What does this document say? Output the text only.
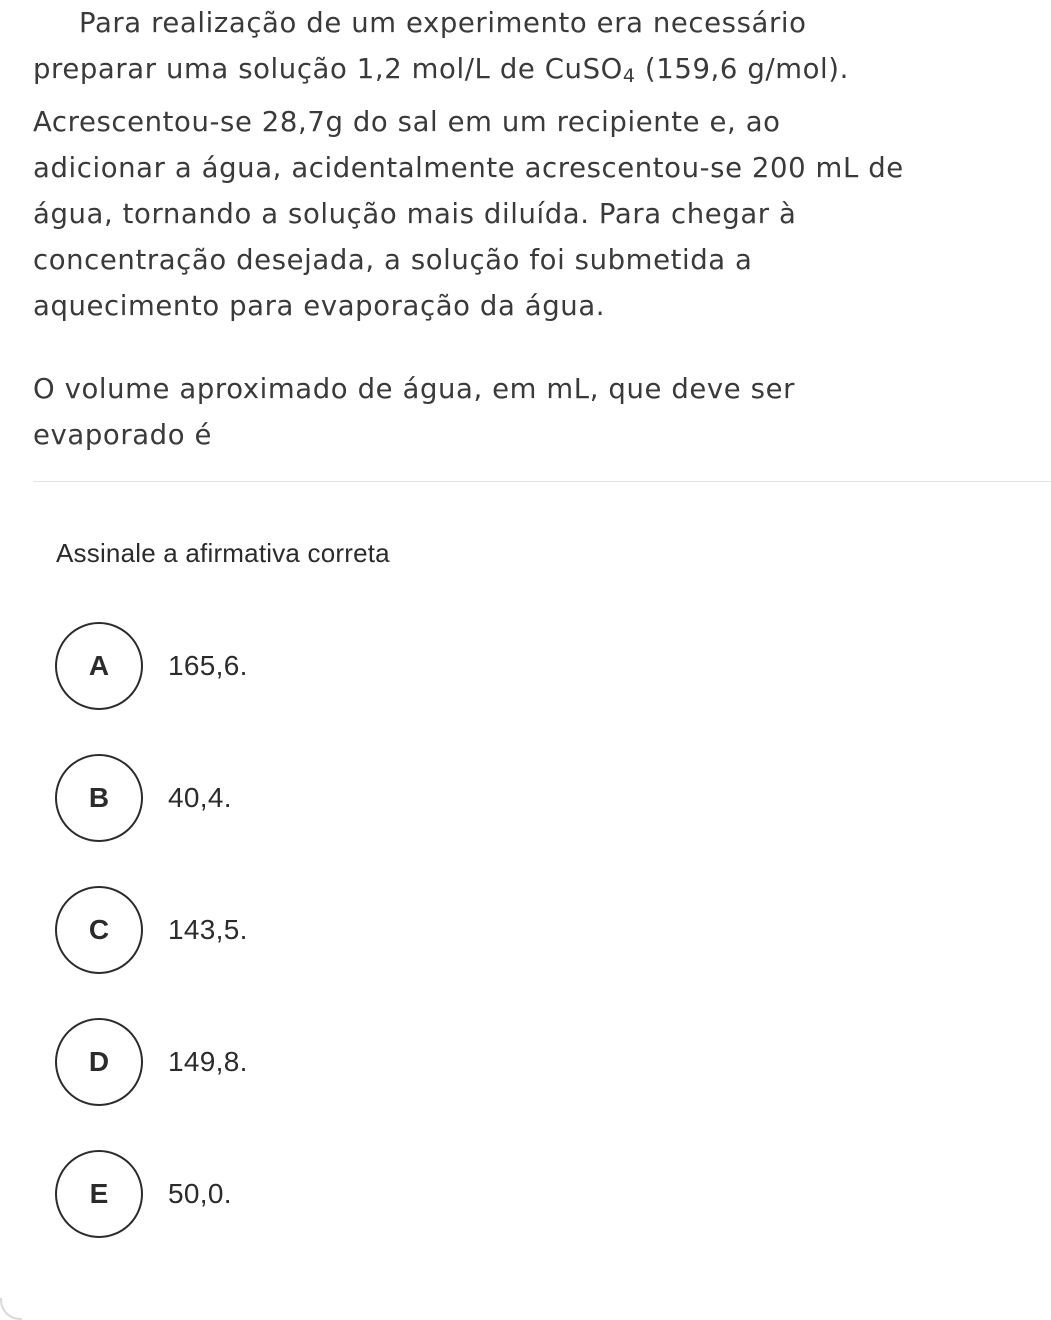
Para realização de um experimento era necessário
preparar uma solução 1,2 mol/L de CuSO$_4$ (159,6 g/mol).
Acrescentou-se 28,7g do sal em um recipiente e, ao
adicionar a água, acidentalmente acrescentou-se 200 mL de
água, tornando a solução mais diluída. Para chegar à
concentração desejada, a solução foi submetida a
aquecimento para evaporação da água.
O volume aproximado de água, em mL, que deve ser
evaporado é
Assinale a afirmativa correta
A	165,6.
B	40,4.
C	143,5.
D	149,8.
E	50,0.
